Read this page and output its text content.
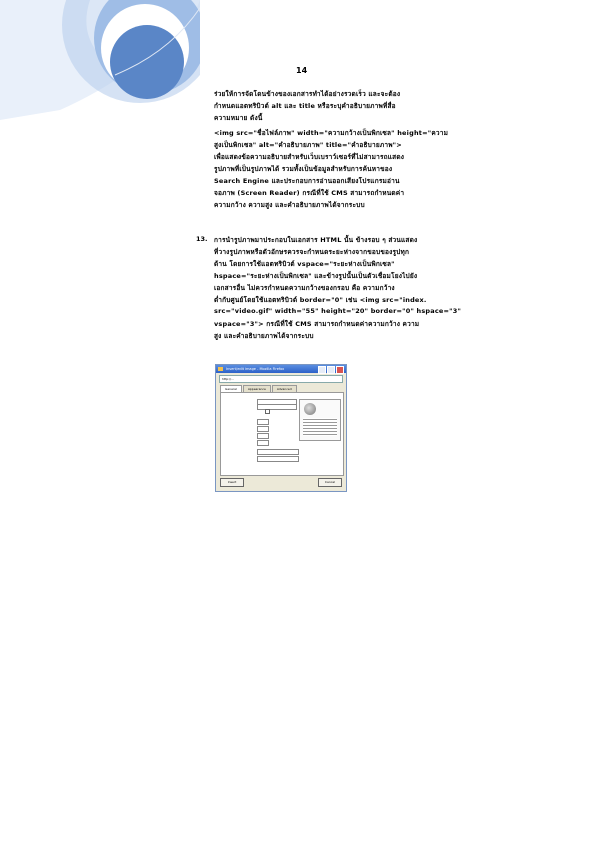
14
ร่วยให้การจัดโดนข้างของเอกสารทำได้อย่างรวดเร็ว และจะต้อง
กำหนดแอตทริบิวต์ alt และ title หรือระบุคำอธิบายภาพที่สื่อ
ความหมาย ดังนี้
<img src="ชื่อไฟล์ภาพ" width="ความกว้างเป็นพิกเซล" height="ความ
สูงเป็นพิกเซล" alt="คำอธิบายภาพ" title="คำอธิบายภาพ">
เพื่อแสดงข้อความอธิบายสำหรับเว็บเบราว์เซอร์ที่ไม่สามารถแสดง
รูปภาพที่เป็นรูปภาพได้ รวมทั้งเป็นข้อมูลสำหรับการค้นหาของ
Search Engine และประกอบการอ่านออกเสียงโปรแกรมอ่าน
จอภาพ (Screen Reader) กรณีที่ใช้ CMS สามารถกำหนดค่า
ความกว้าง ความสูง และคำอธิบายภาพได้จากระบบ
การนำรูปภาพมาประกอบในเอกสาร HTML นั้น ข้างรอบ ๆ ส่วนแสดง
ที่วางรูปภาพหรือตัวอักษรควรจะกำหนดระยะห่างจากขอบของรูปทุก
ด้าน โดยการใช้แอตทริบิวต์ vspace="ระยะห่างเป็นพิกเซล"
hspace="ระยะห่างเป็นพิกเซล" และข้างรูปนั้นเป็นตัวเชื่อมโยงไปยัง
เอกสารอื่น ไม่ควรกำหนดความกว้างของกรอบ คือ ความกว้าง
ต่ำกับศูนย์โดยใช้แอตทริบิวต์ border="0" เช่น <img src="index.
src="video.gif" width="55" height="20" border="0" hspace="3"
vspace="3"> กรณีที่ใช้ CMS สามารถกำหนดค่าความกว้าง ความ
สูง และคำอธิบายภาพได้จากระบบ
13.
Insert/edit image - Mozilla Firefox
http://...
General	Appearance	Advanced
Insert	Cancel
